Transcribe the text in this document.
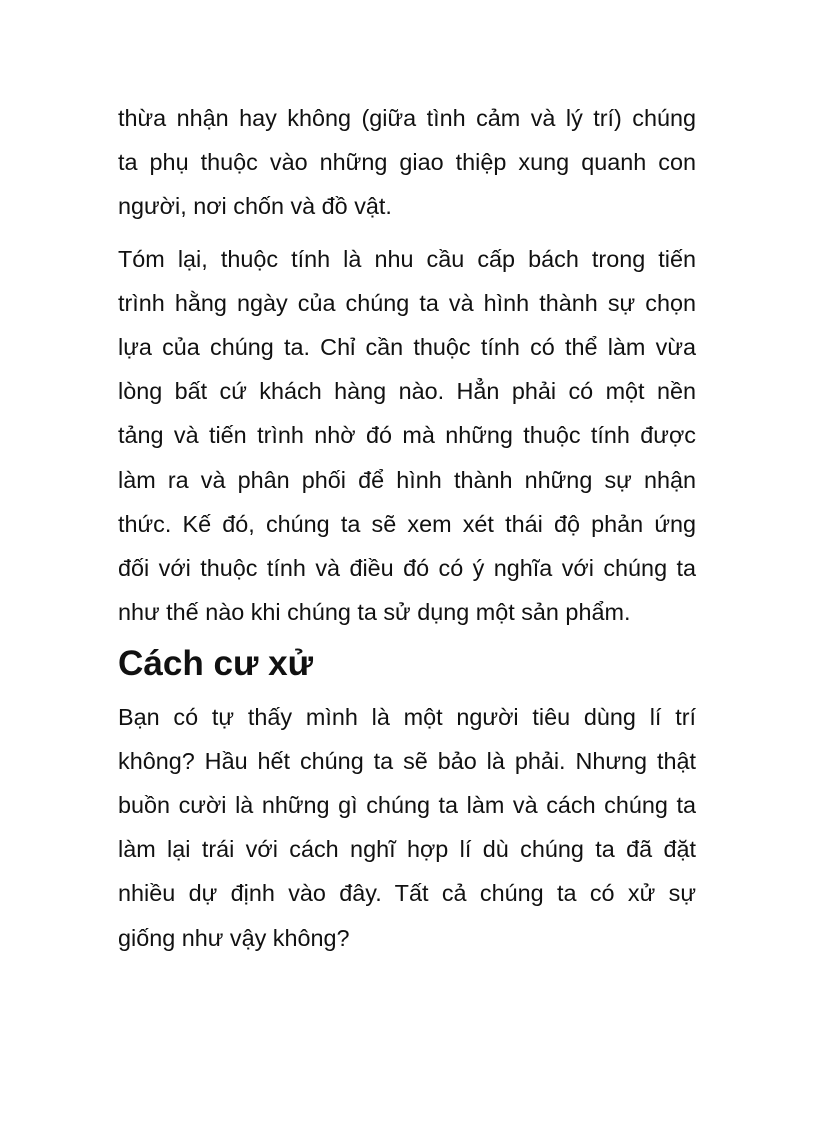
thừa nhận hay không (giữa tình cảm và lý trí) chúng
ta phụ thuộc vào những giao thiệp xung quanh con
người, nơi chốn và đồ vật.

Tóm lại, thuộc tính là nhu cầu cấp bách trong tiến
trình hằng ngày của chúng ta và hình thành sự chọn
lựa của chúng ta. Chỉ cần thuộc tính có thể làm vừa
lòng bất cứ khách hàng nào. Hẳn phải có một nền
tảng và tiến trình nhờ đó mà những thuộc tính được
làm ra và phân phối để hình thành những sự nhận
thức. Kế đó, chúng ta sẽ xem xét thái độ phản ứng
đối với thuộc tính và điều đó có ý nghĩa với chúng ta
như thế nào khi chúng ta sử dụng một sản phẩm.

Cách cư xử

Bạn có tự thấy mình là một người tiêu dùng lí trí
không? Hầu hết chúng ta sẽ bảo là phải. Nhưng thật
buồn cười là những gì chúng ta làm và cách chúng ta
làm lại trái với cách nghĩ hợp lí dù chúng ta đã đặt
nhiều dự định vào đây. Tất cả chúng ta có xử sự
giống như vậy không?
